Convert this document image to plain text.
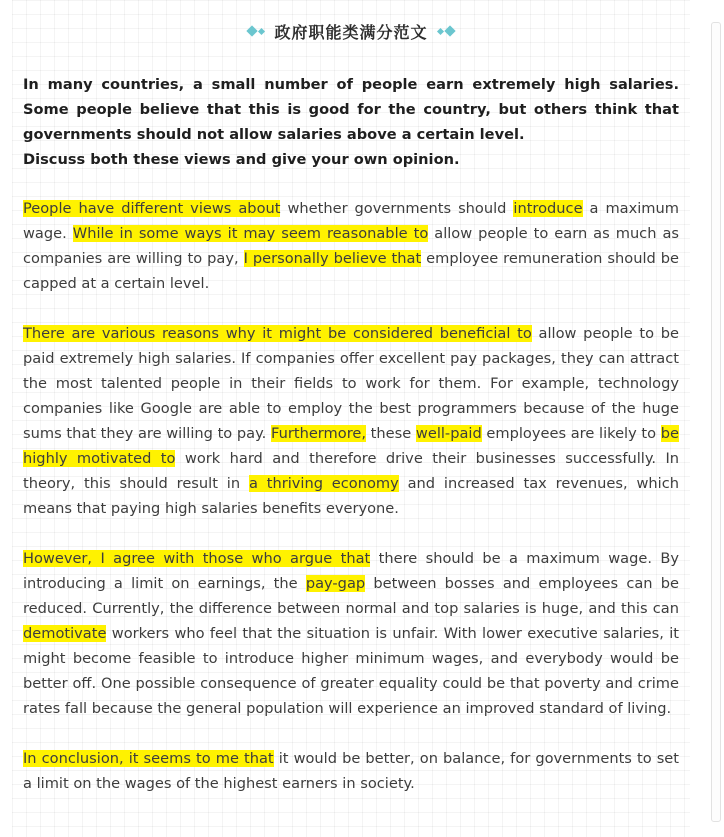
政府职能类满分范文

In many countries, a small number of people earn extremely high salaries. Some people believe that this is good for the country, but others think that governments should not allow salaries above a certain level.

Discuss both these views and give your own opinion.

People have different views about whether governments should introduce a maximum wage. While in some ways it may seem reasonable to allow people to earn as much as companies are willing to pay, I personally believe that employee remuneration should be capped at a certain level.

There are various reasons why it might be considered beneficial to allow people to be paid extremely high salaries. If companies offer excellent pay packages, they can attract the most talented people in their fields to work for them. For example, technology companies like Google are able to employ the best programmers because of the huge sums that they are willing to pay. Furthermore, these well-paid employees are likely to be highly motivated to work hard and therefore drive their businesses successfully. In theory, this should result in a thriving economy and increased tax revenues, which means that paying high salaries benefits everyone.

However, I agree with those who argue that there should be a maximum wage. By introducing a limit on earnings, the pay-gap between bosses and employees can be reduced. Currently, the difference between normal and top salaries is huge, and this can demotivate workers who feel that the situation is unfair. With lower executive salaries, it might become feasible to introduce higher minimum wages, and everybody would be better off. One possible consequence of greater equality could be that poverty and crime rates fall because the general population will experience an improved standard of living.

In conclusion, it seems to me that it would be better, on balance, for governments to set a limit on the wages of the highest earners in society.
